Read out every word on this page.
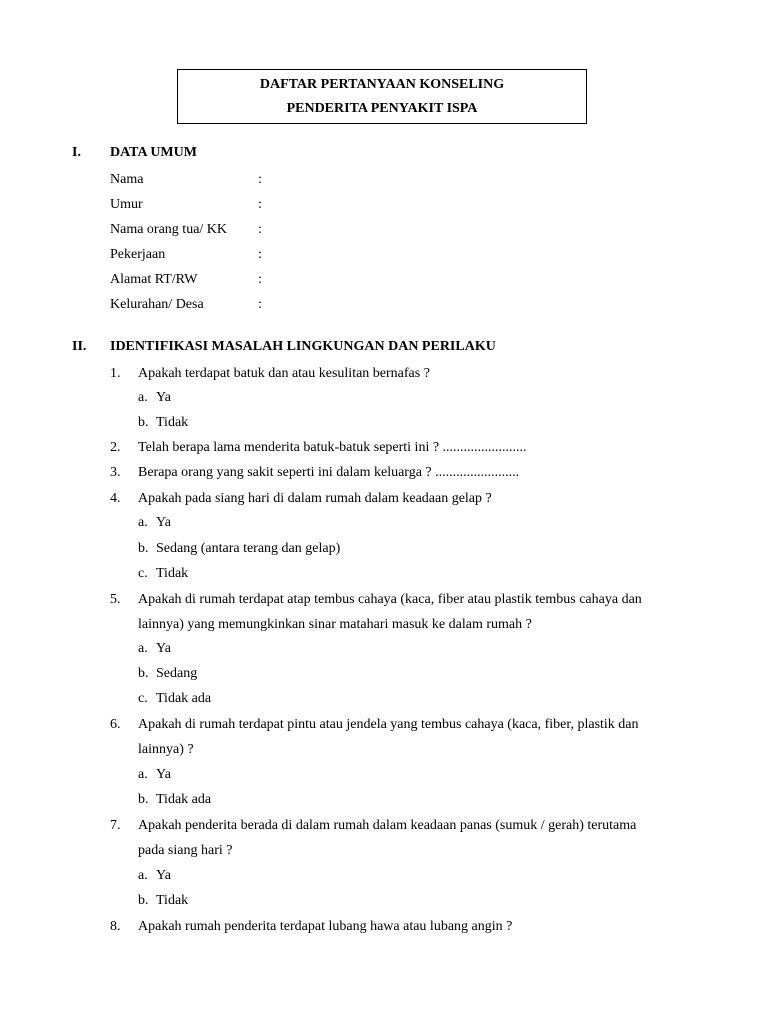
DAFTAR PERTANYAAN KONSELING
PENDERITA PENYAKIT ISPA
I. DATA UMUM
Nama	:
Umur	:
Nama orang tua/ KK :
Pekerjaan	:
Alamat RT/RW	:
Kelurahan/ Desa	:
II. IDENTIFIKASI MASALAH LINGKUNGAN DAN PERILAKU
1. Apakah terdapat batuk dan atau kesulitan bernafas ?
a. Ya
b. Tidak
2. Telah berapa lama menderita batuk-batuk seperti ini ? ........................
3. Berapa orang yang sakit seperti ini dalam keluarga ? ........................
4. Apakah pada siang hari di dalam rumah dalam keadaan gelap ?
a. Ya
b. Sedang (antara terang dan gelap)
c. Tidak
5. Apakah di rumah terdapat atap tembus cahaya (kaca, fiber atau plastik tembus cahaya dan
lainnya) yang memungkinkan sinar matahari masuk ke dalam rumah ?
a. Ya
b. Sedang
c. Tidak ada
6. Apakah di rumah terdapat pintu atau jendela yang tembus cahaya (kaca, fiber, plastik dan
lainnya) ?
a. Ya
b. Tidak ada
7. Apakah penderita berada di dalam rumah dalam keadaan panas (sumuk / gerah) terutama
pada siang hari ?
a. Ya
b. Tidak
8. Apakah rumah penderita terdapat lubang hawa atau lubang angin ?
